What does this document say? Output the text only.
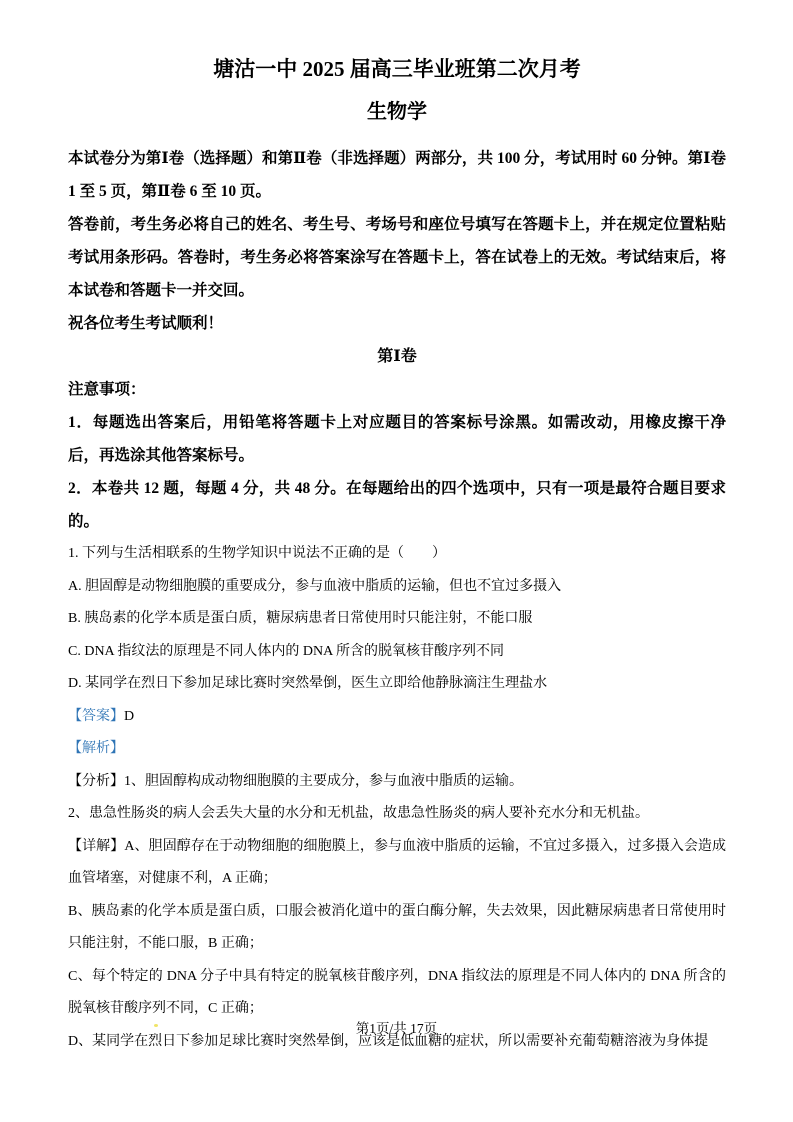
塘沽一中 2025 届高三毕业班第二次月考
生物学

本试卷分为第Ⅰ卷（选择题）和第Ⅱ卷（非选择题）两部分，共 100 分，考试用时 60 分钟。第Ⅰ卷 1 至 5 页，第Ⅱ卷 6 至 10 页。

答卷前，考生务必将自己的姓名、考生号、考场号和座位号填写在答题卡上，并在规定位置粘贴考试用条形码。答卷时，考生务必将答案涂写在答题卡上，答在试卷上的无效。考试结束后，将本试卷和答题卡一并交回。

祝各位考生考试顺利！

第Ⅰ卷

注意事项：

1．每题选出答案后，用铅笔将答题卡上对应题目的答案标号涂黑。如需改动，用橡皮擦干净后，再选涂其他答案标号。

2．本卷共 12 题，每题 4 分，共 48 分。在每题给出的四个选项中，只有一项是最符合题目要求的。

1. 下列与生活相联系的生物学知识中说法不正确的是（　　）

A. 胆固醇是动物细胞膜的重要成分，参与血液中脂质的运输，但也不宜过多摄入

B. 胰岛素的化学本质是蛋白质，糖尿病患者日常使用时只能注射，不能口服

C. DNA 指纹法的原理是不同人体内的 DNA 所含的脱氧核苷酸序列不同

D. 某同学在烈日下参加足球比赛时突然晕倒，医生立即给他静脉滴注生理盐水

【答案】D

【解析】

【分析】1、胆固醇构成动物细胞膜的主要成分，参与血液中脂质的运输。

2、患急性肠炎的病人会丢失大量的水分和无机盐，故患急性肠炎的病人要补充水分和无机盐。

【详解】A、胆固醇存在于动物细胞的细胞膜上，参与血液中脂质的运输，不宜过多摄入，过多摄入会造成血管堵塞，对健康不利，A 正确；

B、胰岛素的化学本质是蛋白质，口服会被消化道中的蛋白酶分解，失去效果，因此糖尿病患者日常使用时只能注射，不能口服，B 正确；

C、每个特定的 DNA 分子中具有特定的脱氧核苷酸序列，DNA 指纹法的原理是不同人体内的 DNA 所含的脱氧核苷酸序列不同，C 正确；

D、某同学在烈日下参加足球比赛时突然晕倒，应该是低血糖的症状，所以需要补充葡萄糖溶液为身体提

第1页/共 17页
